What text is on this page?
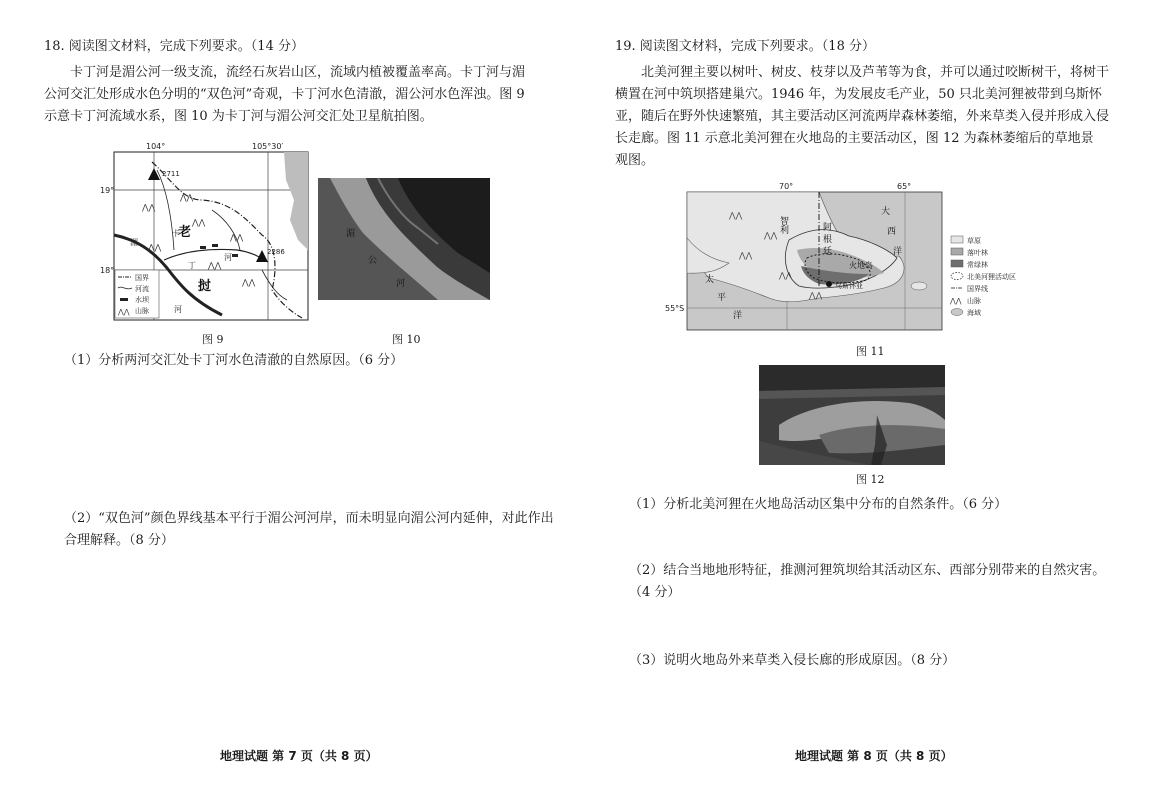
18. 阅读图文材料，完成下列要求。（14 分）
卡丁河是湄公河一级支流，流经石灰岩山区，流域内植被覆盖率高。卡丁河与湄
公河交汇处形成水色分明的“双色河”奇观，卡丁河水色清澈，湄公河水色浑浊。图 9
示意卡丁河流域水系，图 10 为卡丁河与湄公河交汇处卫星航拍图。
104°	105°30′
19°
18°
⋀⋀
⋀⋀
⋀⋀
⋀⋀
⋀⋀
⋀⋀
⋀⋀
2711
2286
老
挝
湄
河
卡
丁
河
国界
河流
水坝
⋀⋀ 山脉
图 9
湄
公
河
图 10
（1）分析两河交汇处卡丁河水色清澈的自然原因。（6 分）
（2）“双色河”颜色界线基本平行于湄公河河岸，而未明显向湄公河内延伸，对此作出
合理解释。（8 分）
地理试题 第 7 页（共 8 页）
19. 阅读图文材料，完成下列要求。（18 分）
北美河狸主要以树叶、树皮、枝芽以及芦苇等为食，并可以通过咬断树干，将树干
横置在河中筑坝搭建巢穴。1946 年，为发展皮毛产业，50 只北美河狸被带到乌斯怀
亚，随后在野外快速繁殖，其主要活动区河流两岸森林萎缩，外来草类入侵并形成入侵
长走廊。图 11 示意北美河狸在火地岛的主要活动区，图 12 为森林萎缩后的草地景
观图。
70°	65°
55°S
⋀⋀
⋀⋀
⋀⋀
⋀⋀
⋀⋀
智利	阿
根
廷
大
西
洋
太
平
洋
火地岛
乌斯怀亚
草原
落叶林
常绿林
北美河狸活动区
国界线
⋀⋀ 山脉
海域
图 11
图 12
（1）分析北美河狸在火地岛活动区集中分布的自然条件。（6 分）
（2）结合当地地形特征，推测河狸筑坝给其活动区东、西部分别带来的自然灾害。
（4 分）
（3）说明火地岛外来草类入侵长廊的形成原因。（8 分）
地理试题 第 8 页（共 8 页）
